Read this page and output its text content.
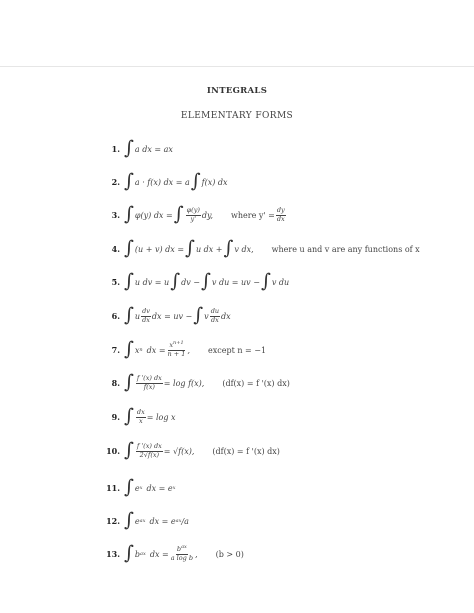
INTEGRALS
ELEMENTARY FORMS
1. ∫ a dx = ax
2. ∫ a · f(x) dx = a ∫ f(x) dx
3. ∫ φ(y) dx = ∫ $\frac{\varphi(y)}{y'}$ dy, where $y' = \frac{dy}{dx}$
4. ∫ (u + v) dx = ∫ u dx + ∫ v dx, where u and v are any functions of x
5. ∫ u dv = u ∫ dv − ∫ v du = uv − ∫ v du
6. ∫ u $\frac{dv}{dx}$ dx = uv − ∫ v $\frac{du}{dx}$ dx
7. ∫ x n dx = $\frac{x^{n+1}}{n + 1}$ , except n = −1
8. ∫ $\frac{f '(x) dx}{f(x)} = \log f(x)$, (df(x) = f '(x) dx)
9. ∫ $\frac{dx}{x} = \log x$
10. ∫ $\frac{f '(x) dx}{2√f(x)} = √f(x)$, (df(x) = f '(x) dx)
11. ∫ e x dx = e x
12. ∫ e ax dx = e ax /a
13. ∫ b ax dx = $\frac{b^{ax}}{\text{a log b}}$ , (b > 0)
